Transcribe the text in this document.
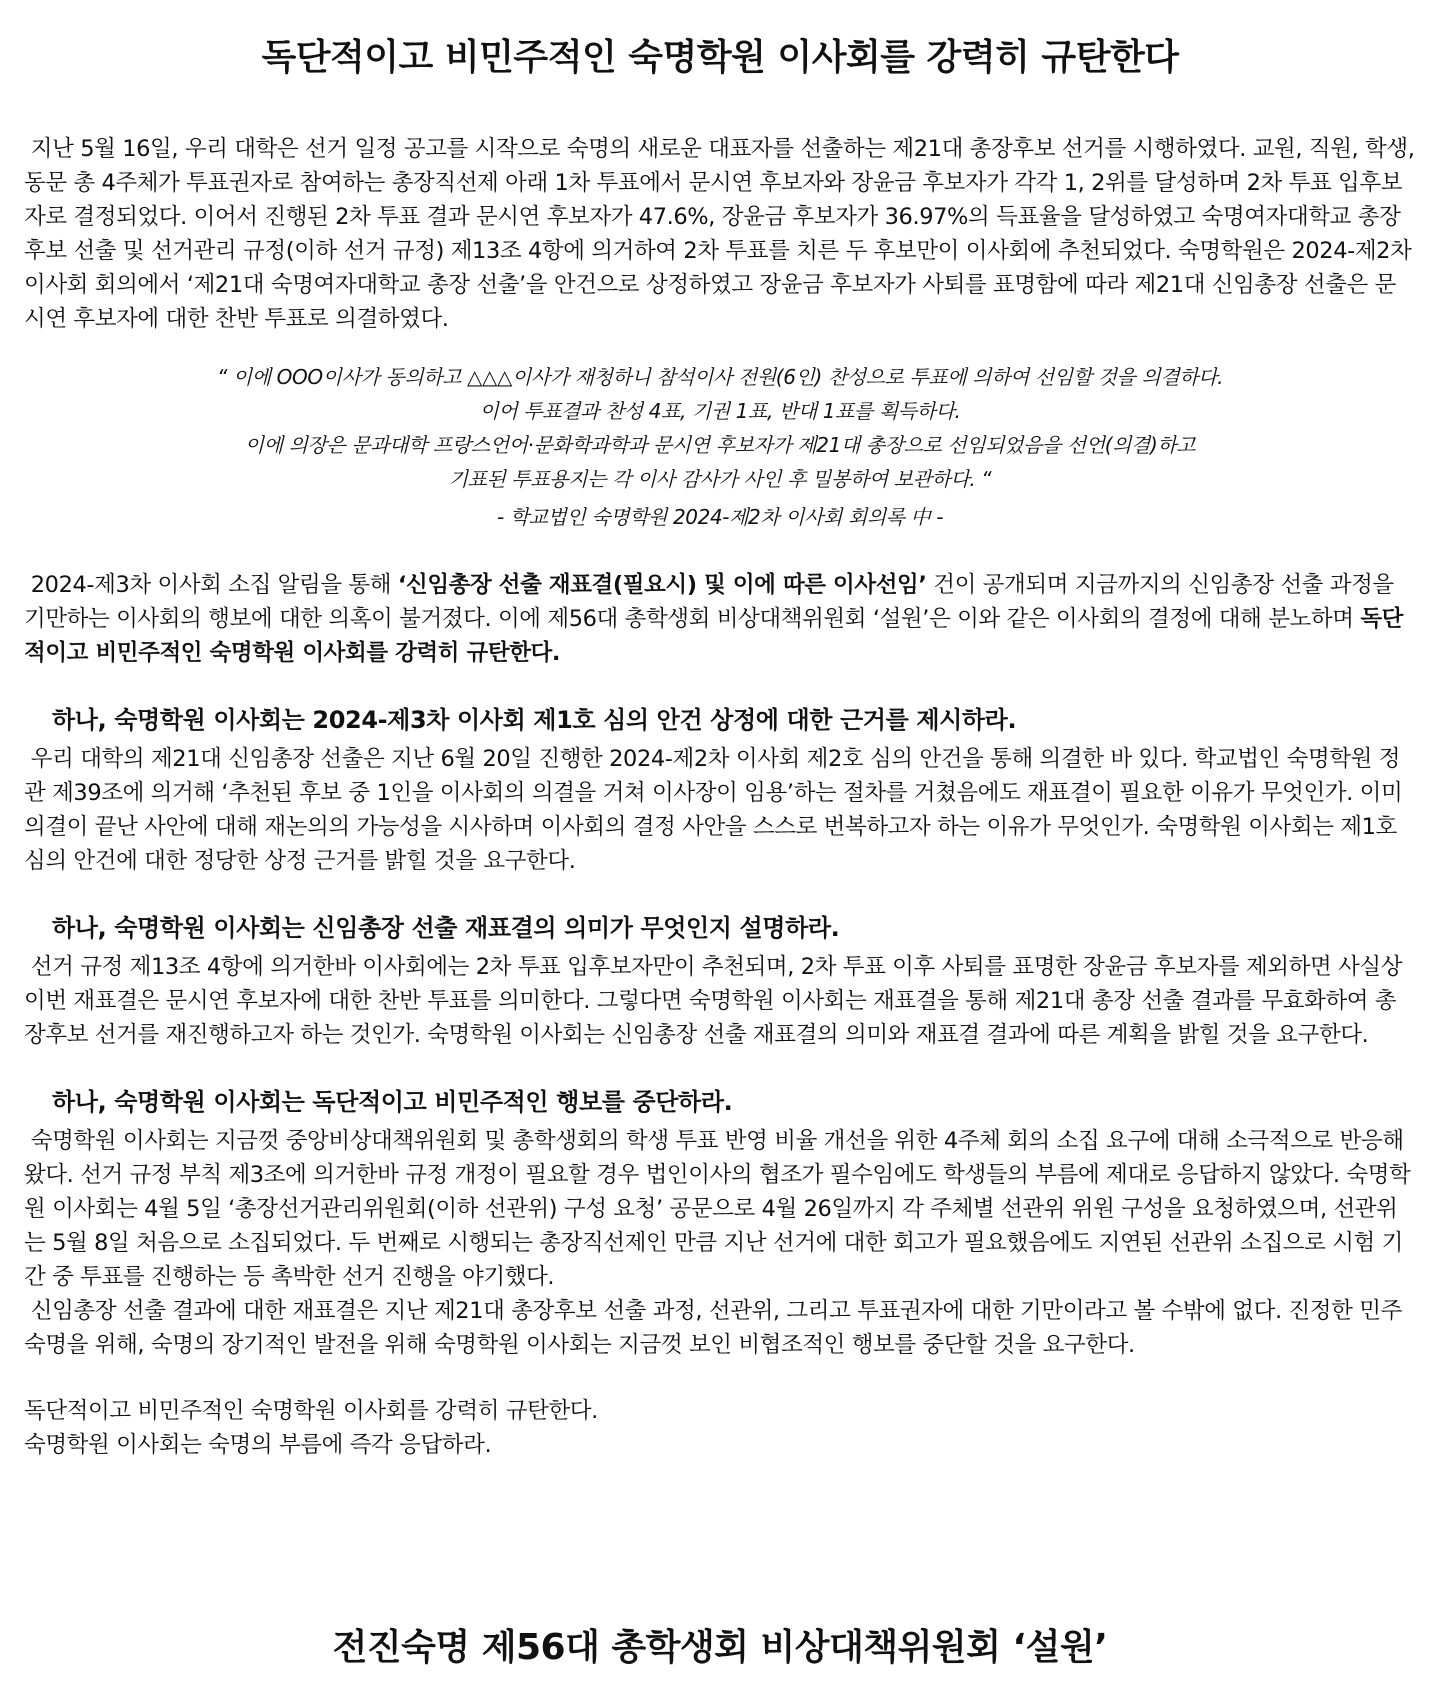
독단적이고 비민주적인 숙명학원 이사회를 강력히 규탄한다

지난 5월 16일, 우리 대학은 선거 일정 공고를 시작으로 숙명의 새로운 대표자를 선출하는 제21대 총장후보 선거를 시행하였다. 교원, 직원, 학생, 동문 총 4주체가 투표권자로 참여하는 총장직선제 아래 1차 투표에서 문시연 후보자와 장윤금 후보자가 각각 1, 2위를 달성하며 2차 투표 입후보자로 결정되었다. 이어서 진행된 2차 투표 결과 문시연 후보자가 47.6%, 장윤금 후보자가 36.97%의 득표율을 달성하였고 숙명여자대학교 총장후보 선출 및 선거관리 규정(이하 선거 규정) 제13조 4항에 의거하여 2차 투표를 치른 두 후보만이 이사회에 추천되었다. 숙명학원은 2024-제2차 이사회 회의에서 ‘제21대 숙명여자대학교 총장 선출’을 안건으로 상정하였고 장윤금 후보자가 사퇴를 표명함에 따라 제21대 신임총장 선출은 문시연 후보자에 대한 찬반 투표로 의결하였다.

“ 이에 OOO이사가 동의하고 △△△이사가 재청하니 참석이사 전원(6인) 찬성으로 투표에 의하여 선임할 것을 의결하다.
이어 투표결과 찬성 4표, 기권 1표, 반대 1표를 획득하다.
이에 의장은 문과대학 프랑스언어·문화학과학과 문시연 후보자가 제21대 총장으로 선임되었음을 선언(의결)하고
기표된 투표용지는 각 이사 감사가 사인 후 밀봉하여 보관하다. “
- 학교법인 숙명학원 2024-제2차 이사회 회의록 中 -

2024-제3차 이사회 소집 알림을 통해 ‘신임총장 선출 재표결(필요시) 및 이에 따른 이사선임’ 건이 공개되며 지금까지의 신임총장 선출 과정을 기만하는 이사회의 행보에 대한 의혹이 불거졌다. 이에 제56대 총학생회 비상대책위원회 ‘설원’은 이와 같은 이사회의 결정에 대해 분노하며 독단적이고 비민주적인 숙명학원 이사회를 강력히 규탄한다.

하나, 숙명학원 이사회는 2024-제3차 이사회 제1호 심의 안건 상정에 대한 근거를 제시하라.

우리 대학의 제21대 신임총장 선출은 지난 6월 20일 진행한 2024-제2차 이사회 제2호 심의 안건을 통해 의결한 바 있다. 학교법인 숙명학원 정관 제39조에 의거해 ‘추천된 후보 중 1인을 이사회의 의결을 거쳐 이사장이 임용’하는 절차를 거쳤음에도 재표결이 필요한 이유가 무엇인가. 이미 의결이 끝난 사안에 대해 재논의의 가능성을 시사하며 이사회의 결정 사안을 스스로 번복하고자 하는 이유가 무엇인가. 숙명학원 이사회는 제1호 심의 안건에 대한 정당한 상정 근거를 밝힐 것을 요구한다.

하나, 숙명학원 이사회는 신임총장 선출 재표결의 의미가 무엇인지 설명하라.

선거 규정 제13조 4항에 의거한바 이사회에는 2차 투표 입후보자만이 추천되며, 2차 투표 이후 사퇴를 표명한 장윤금 후보자를 제외하면 사실상 이번 재표결은 문시연 후보자에 대한 찬반 투표를 의미한다. 그렇다면 숙명학원 이사회는 재표결을 통해 제21대 총장 선출 결과를 무효화하여 총장후보 선거를 재진행하고자 하는 것인가. 숙명학원 이사회는 신임총장 선출 재표결의 의미와 재표결 결과에 따른 계획을 밝힐 것을 요구한다.

하나, 숙명학원 이사회는 독단적이고 비민주적인 행보를 중단하라.

숙명학원 이사회는 지금껏 중앙비상대책위원회 및 총학생회의 학생 투표 반영 비율 개선을 위한 4주체 회의 소집 요구에 대해 소극적으로 반응해 왔다. 선거 규정 부칙 제3조에 의거한바 규정 개정이 필요할 경우 법인이사의 협조가 필수임에도 학생들의 부름에 제대로 응답하지 않았다. 숙명학원 이사회는 4월 5일 ‘총장선거관리위원회(이하 선관위) 구성 요청’ 공문으로 4월 26일까지 각 주체별 선관위 위원 구성을 요청하였으며, 선관위는 5월 8일 처음으로 소집되었다. 두 번째로 시행되는 총장직선제인 만큼 지난 선거에 대한 회고가 필요했음에도 지연된 선관위 소집으로 시험 기간 중 투표를 진행하는 등 촉박한 선거 진행을 야기했다.

신임총장 선출 결과에 대한 재표결은 지난 제21대 총장후보 선출 과정, 선관위, 그리고 투표권자에 대한 기만이라고 볼 수밖에 없다. 진정한 민주숙명을 위해, 숙명의 장기적인 발전을 위해 숙명학원 이사회는 지금껏 보인 비협조적인 행보를 중단할 것을 요구한다.

독단적이고 비민주적인 숙명학원 이사회를 강력히 규탄한다.
숙명학원 이사회는 숙명의 부름에 즉각 응답하라.
전진숙명 제56대 총학생회 비상대책위원회 ‘설원’
